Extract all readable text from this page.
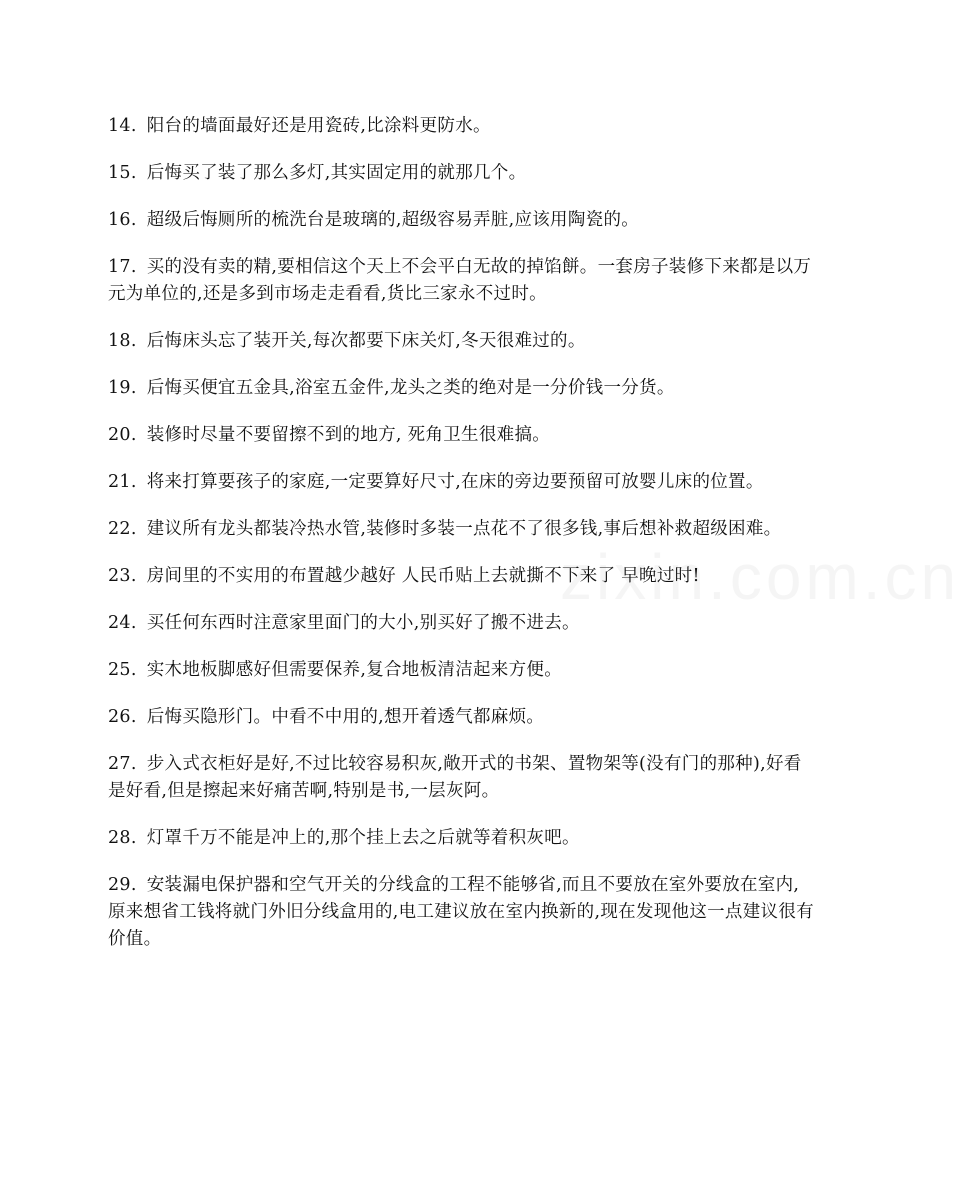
zixin.com.cn
14. 阳台的墙面最好还是用瓷砖,比涂料更防水。
15. 后悔买了装了那么多灯,其实固定用的就那几个。
16. 超级后悔厕所的梳洗台是玻璃的,超级容易弄脏,应该用陶瓷的。
17. 买的没有卖的精,要相信这个天上不会平白无故的掉馅餅。一套房子装修下来都是以万元为单位的,还是多到市场走走看看,货比三家永不过时。
18. 后悔床头忘了装开关,每次都要下床关灯,冬天很难过的。
19. 后悔买便宜五金具,浴室五金件,龙头之类的绝对是一分价钱一分货。
20. 装修时尽量不要留擦不到的地方, 死角卫生很难搞。
21. 将来打算要孩子的家庭,一定要算好尺寸,在床的旁边要预留可放婴儿床的位置。
22. 建议所有龙头都装冷热水管,装修时多装一点花不了很多钱,事后想补救超级困难。
23. 房间里的不实用的布置越少越好 人民币贴上去就撕不下来了 早晚过时!
24. 买任何东西时注意家里面门的大小,别买好了搬不进去。
25. 实木地板脚感好但需要保养,复合地板清洁起来方便。
26. 后悔买隐形门。中看不中用的,想开着透气都麻烦。
27. 步入式衣柜好是好,不过比较容易积灰,敞开式的书架、置物架等(没有门的那种),好看是好看,但是擦起来好痛苦啊,特别是书,一层灰阿。
28. 灯罩千万不能是冲上的,那个挂上去之后就等着积灰吧。
29. 安装漏电保护器和空气开关的分线盒的工程不能够省,而且不要放在室外要放在室内,原来想省工钱将就门外旧分线盒用的,电工建议放在室内换新的,现在发现他这一点建议很有价值。
